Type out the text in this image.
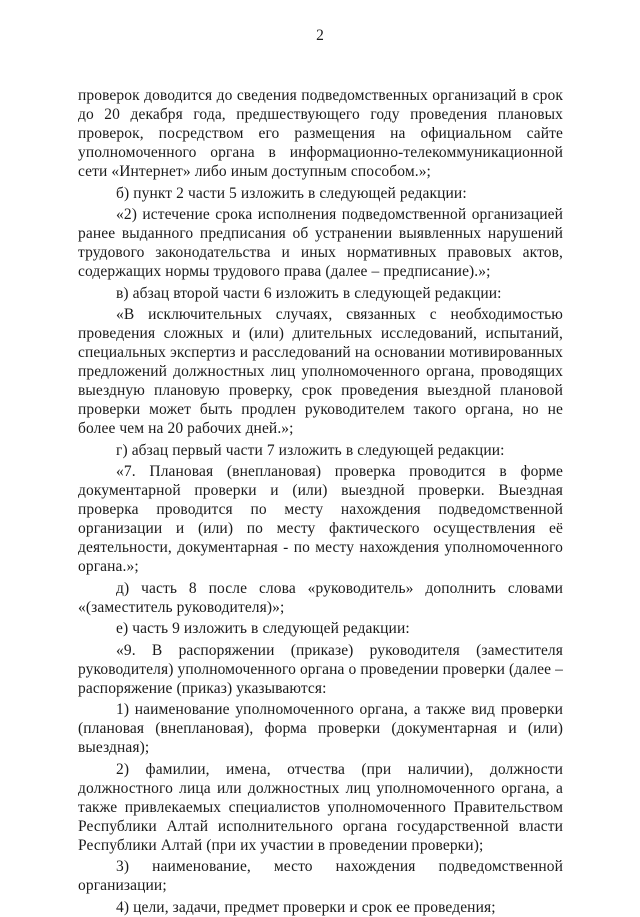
2

проверок доводится до сведения подведомственных организаций в срок до 20 декабря года, предшествующего году проведения плановых проверок, посредством его размещения на официальном сайте уполномоченного органа в информационно-телекоммуникационной сети «Интернет» либо иным доступным способом.»;

б) пункт 2 части 5 изложить в следующей редакции:

«2) истечение срока исполнения подведомственной организацией ранее выданного предписания об устранении выявленных нарушений трудового законодательства и иных нормативных правовых актов, содержащих нормы трудового права (далее – предписание).»;

в) абзац второй части 6 изложить в следующей редакции:

«В исключительных случаях, связанных с необходимостью проведения сложных и (или) длительных исследований, испытаний, специальных экспертиз и расследований на основании мотивированных предложений должностных лиц уполномоченного органа, проводящих выездную плановую проверку, срок проведения выездной плановой проверки может быть продлен руководителем такого органа, но не более чем на 20 рабочих дней.»;

г) абзац первый части 7 изложить в следующей редакции:

«7. Плановая (внеплановая) проверка проводится в форме документарной проверки и (или) выездной проверки. Выездная проверка проводится по месту нахождения подведомственной организации и (или) по месту фактического осуществления её деятельности, документарная - по месту нахождения уполномоченного органа.»;

д) часть 8 после слова «руководитель» дополнить словами «(заместитель руководителя)»;

е) часть 9 изложить в следующей редакции:

«9. В распоряжении (приказе) руководителя (заместителя руководителя) уполномоченного органа о проведении проверки (далее – распоряжение (приказ) указываются:

1) наименование уполномоченного органа, а также вид проверки (плановая (внеплановая), форма проверки (документарная и (или) выездная);

2) фамилии, имена, отчества (при наличии), должности должностного лица или должностных лиц уполномоченного органа, а также привлекаемых специалистов уполномоченного Правительством Республики Алтай исполнительного органа государственной власти Республики Алтай (при их участии в проведении проверки);

3) наименование, место нахождения подведомственной организации;

4) цели, задачи, предмет проверки и срок ее проведения;
